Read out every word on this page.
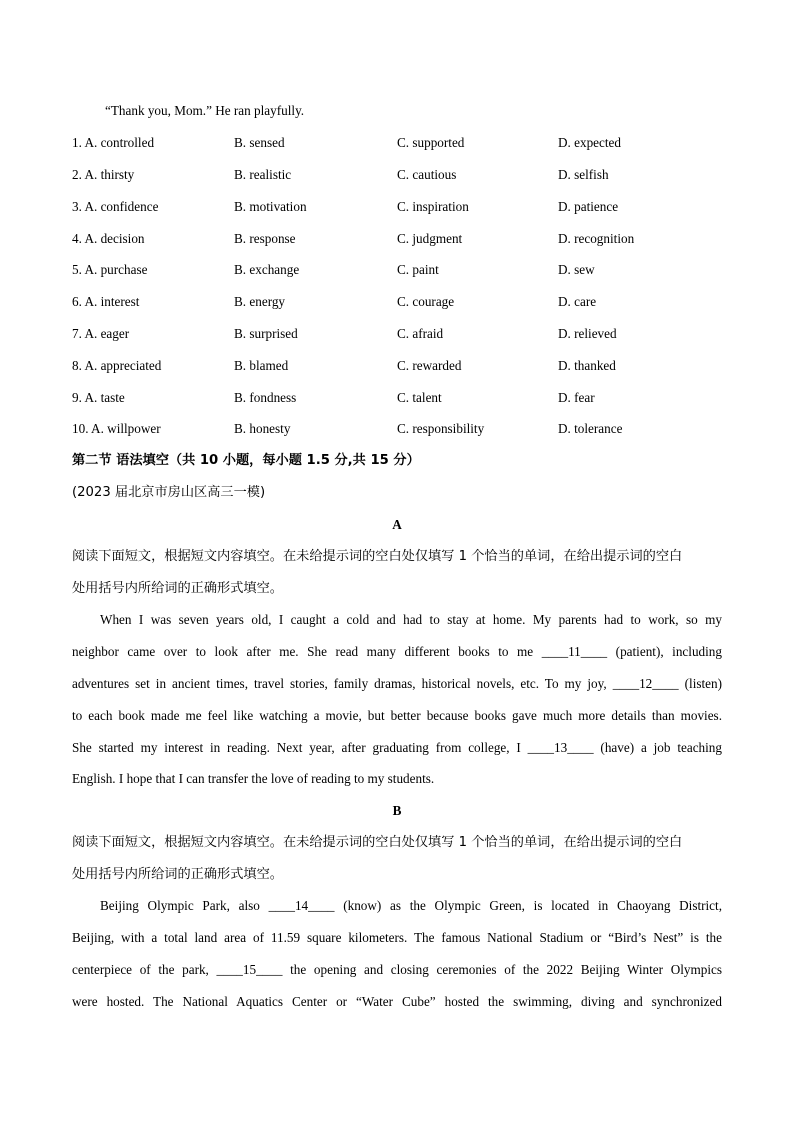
“Thank you, Mom.” He ran playfully.
1. A. controlled	B. sensed	C. supported	D. expected
2. A. thirsty	B. realistic	C. cautious	D. selfish
3. A. confidence	B. motivation	C. inspiration	D. patience
4. A. decision	B. response	C. judgment	D. recognition
5. A. purchase	B. exchange	C. paint	D. sew
6. A. interest	B. energy	C. courage	D. care
7. A. eager	B. surprised	C. afraid	D. relieved
8. A. appreciated	B. blamed	C. rewarded	D. thanked
9. A. taste	B. fondness	C. talent	D. fear
10. A. willpower	B. honesty	C. responsibility	D. tolerance
第二节 语法填空（共 10 小题，每小题 1.5 分,共 15 分）
(2023 届北京市房山区高三一模)
A
阅读下面短文，根据短文内容填空。在未给提示词的空白处仅填写 1 个恰当的单词，在给出提示词的空白
处用括号内所给词的正确形式填空。
When I was seven years old, I caught a cold and had to stay at home. My parents had to work, so my
neighbor came over to look after me. She read many different books to me ____11____ (patient), including
adventures set in ancient times, travel stories, family dramas, historical novels, etc. To my joy, ____12____ (listen)
to each book made me feel like watching a movie, but better because books gave much more details than movies.
She started my interest in reading. Next year, after graduating from college, I ____13____ (have) a job teaching
English. I hope that I can transfer the love of reading to my students.
B
阅读下面短文，根据短文内容填空。在未给提示词的空白处仅填写 1 个恰当的单词，在给出提示词的空白
处用括号内所给词的正确形式填空。
Beijing Olympic Park, also ____14____ (know) as the Olympic Green, is located in Chaoyang District,
Beijing, with a total land area of 11.59 square kilometers. The famous National Stadium or “Bird’s Nest” is the
centerpiece of the park, ____15____ the opening and closing ceremonies of the 2022 Beijing Winter Olympics
were hosted. The National Aquatics Center or “Water Cube” hosted the swimming, diving and synchronized
